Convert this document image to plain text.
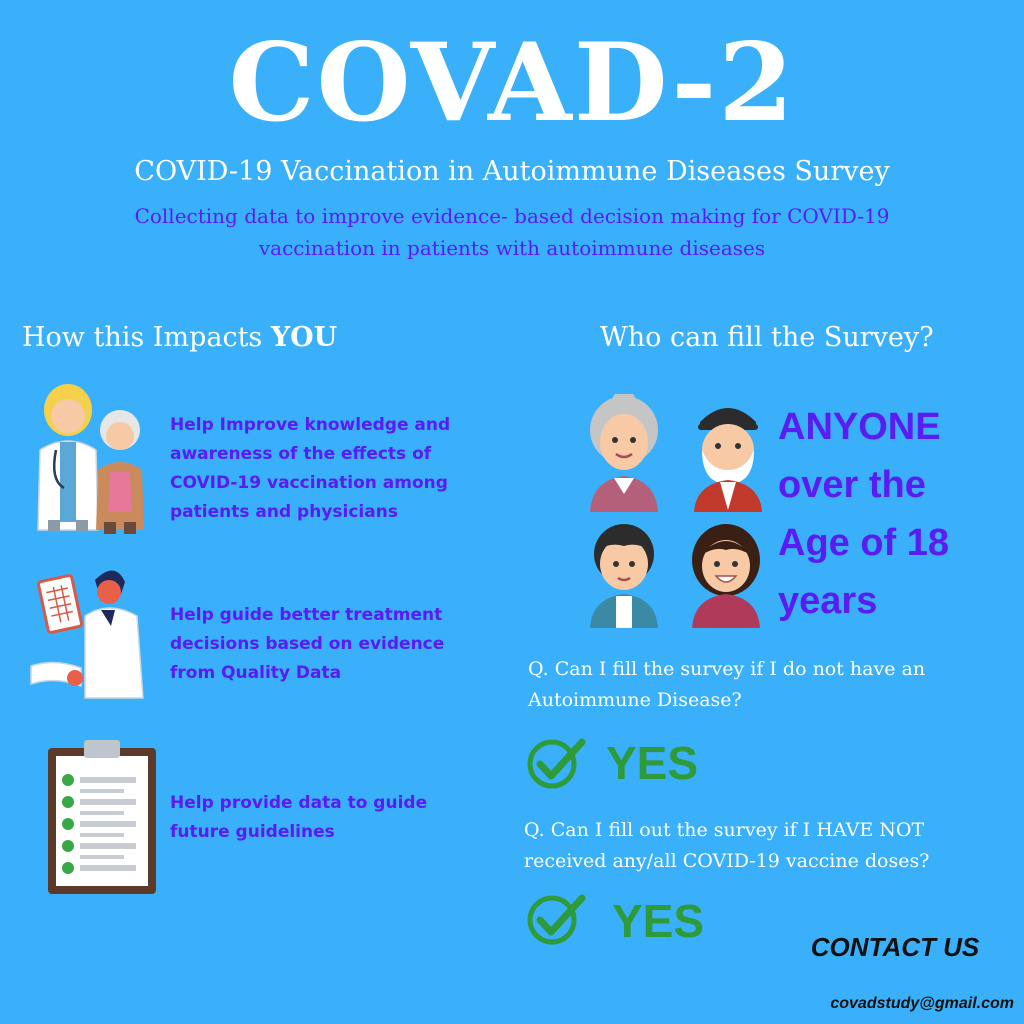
COVAD-2
COVID-19 Vaccination in Autoimmune Diseases Survey
Collecting data to improve evidence- based decision making for COVID-19
vaccination in patients with autoimmune diseases
How this Impacts YOU	Who can fill the Survey?
Help Improve knowledge and
awareness of the effects of
COVID-19 vaccination among
patients and physicians
Help guide better treatment
decisions based on evidence
from Quality Data
Help provide data to guide
future guidelines
ANYONE
over the
Age of 18
years
Q. Can I fill the survey if I do not have an
Autoimmune Disease?
YES
Q. Can I fill out the survey if I HAVE NOT
received any/all COVID-19 vaccine doses?
YES	CONTACT US
covadstudy@gmail.com
